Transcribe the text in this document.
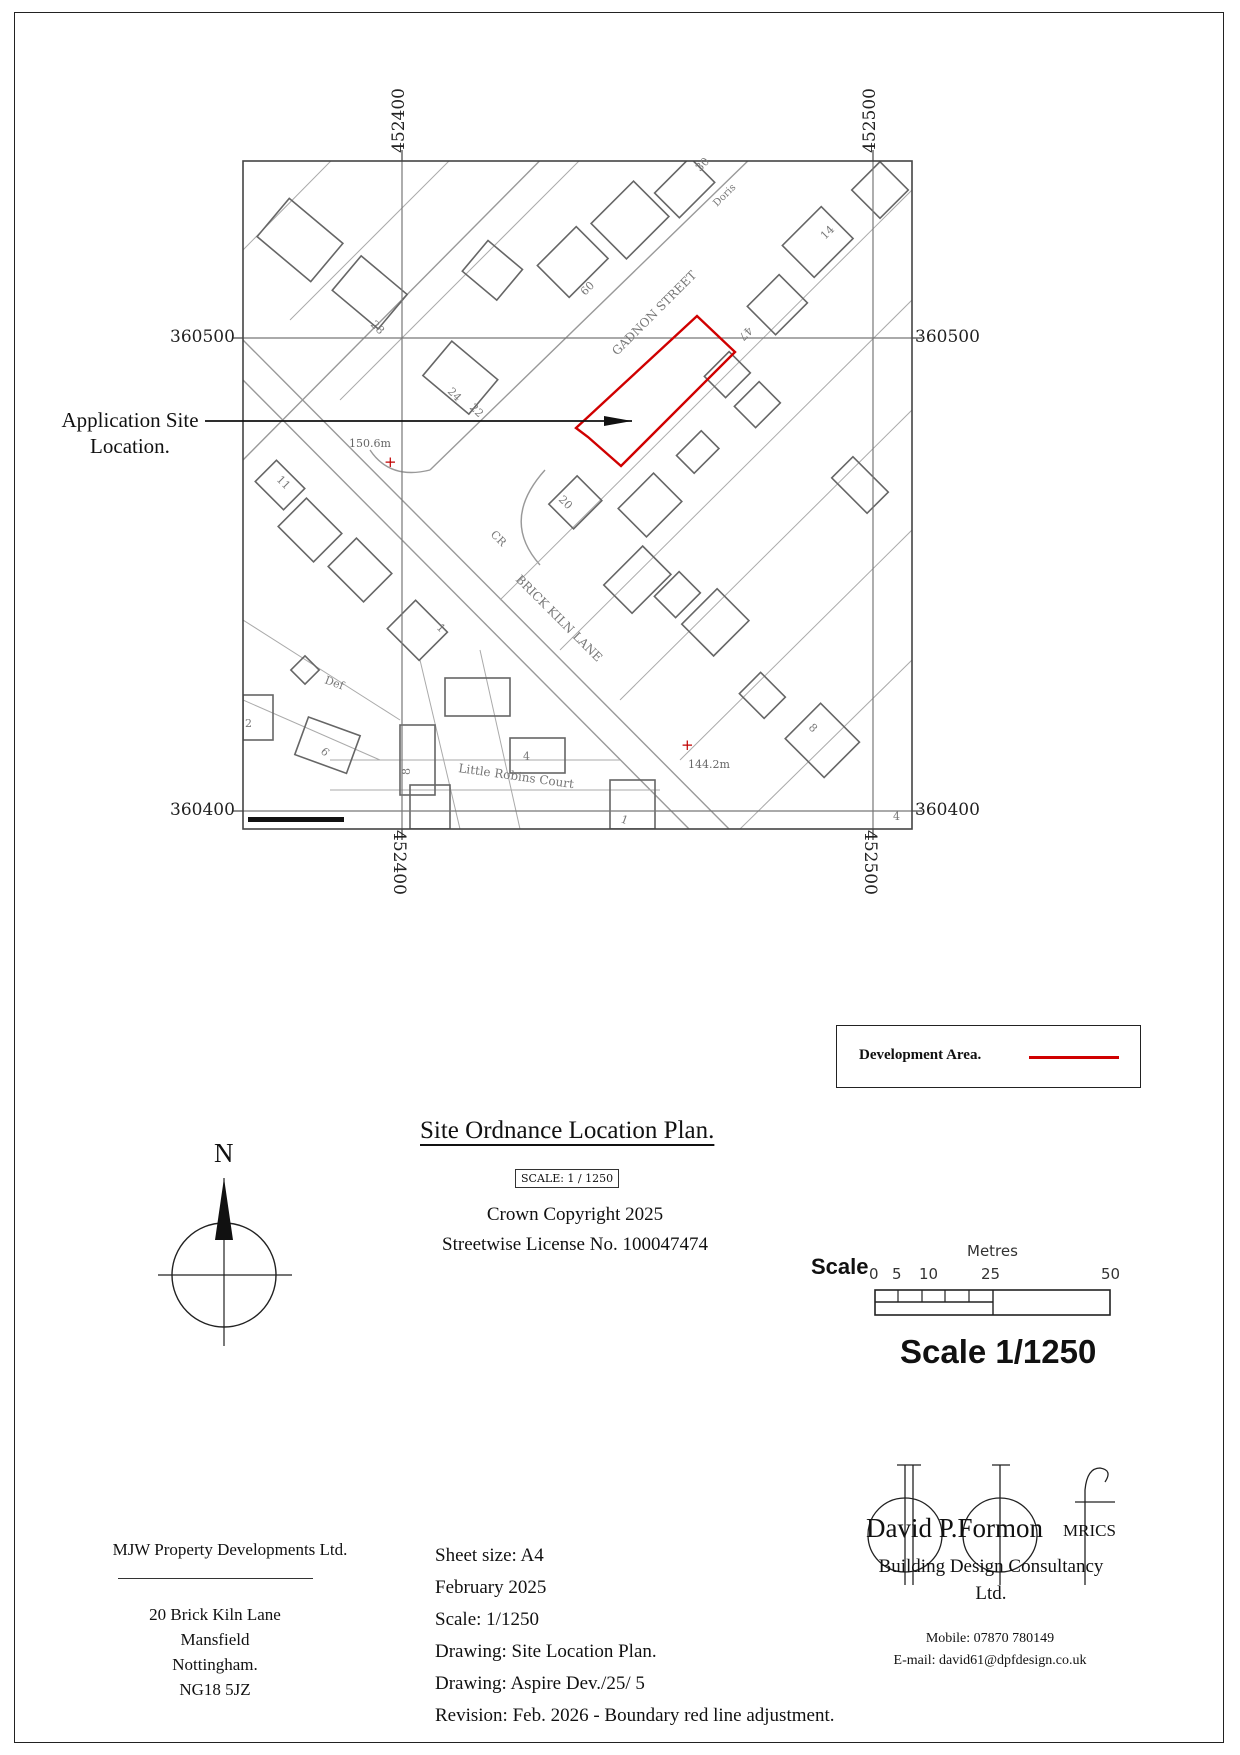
+
+
150.6m
144.2m
GADNON STREET
BRICK KILN LANE
Little Robins Court
Doris
30
14
60
47
28
24
22
11
20
1
8
4
2
6
8
1	4
CR
Def
452400	452500
452400	452500
360500
360400
360500
360400
Application Site
Location.
Development Area.
Site Ordnance Location Plan.
SCALE: 1 / 1250
Crown Copyright 2025
Streetwise License No. 100047474
N
Scale
Metres
0 5 10	25	50
Scale 1/1250
MJW Property Developments Ltd.
20 Brick Kiln Lane
Mansfield
Nottingham.
NG18 5JZ
Sheet size: A4
February 2025
Scale: 1/1250
Drawing: Site Location Plan.
Drawing: Aspire Dev./25/ 5
Revision: Feb. 2026 - Boundary red line adjustment.
David P.Formon MRICS
Building Design Consultancy
Ltd.
Mobile: 07870 780149
E-mail: david61@dpfdesign.co.uk
